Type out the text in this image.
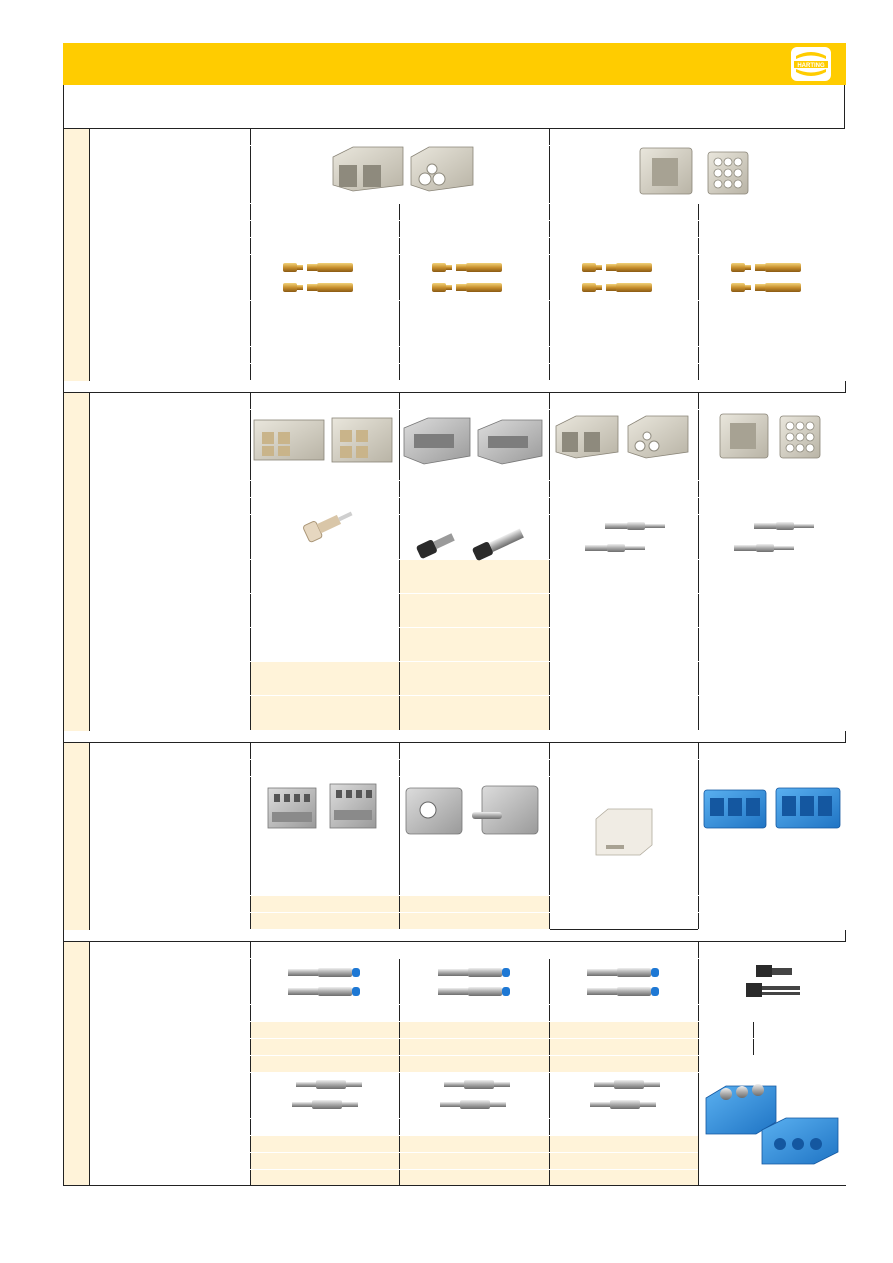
HARTING
